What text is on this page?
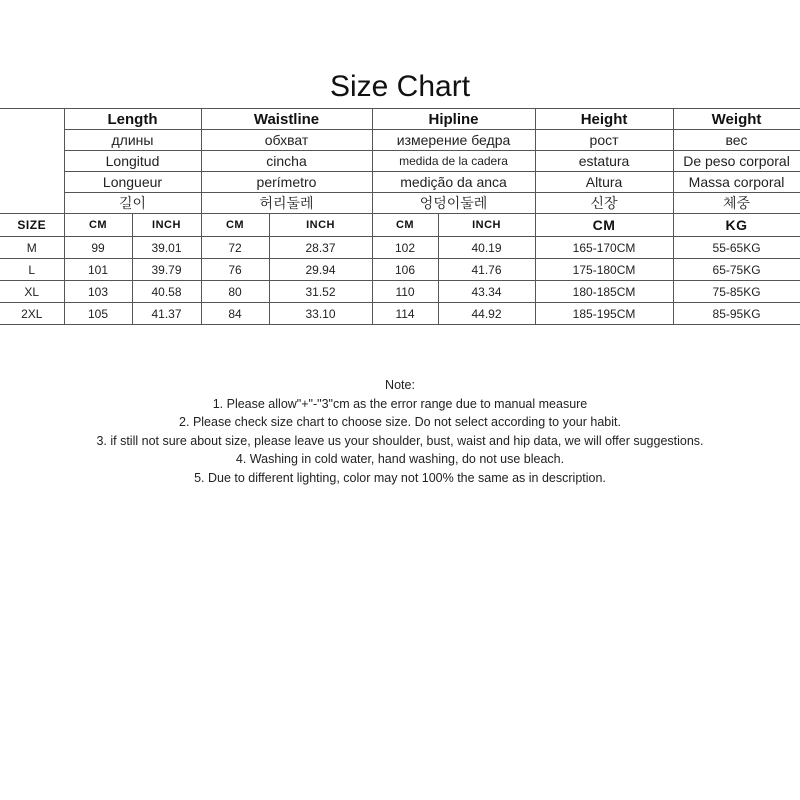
Size Chart
	Length		Waistline		Hipline		Height	Weight
	длины		обхват		измерение бедра		рост	вес
	Longitud		cincha		medida de la cadera		estatura	De peso corporal
	Longueur		perímetro		medição da anca		Altura	Massa corporal
	길이		허리둘레		엉덩이둘레		신장	체중
SIZE	CM	INCH	CM	INCH	CM	INCH	CM	KG
M	99	39.01	72	28.37	102	40.19	165-170CM	55-65KG
L	101	39.79	76	29.94	106	41.76	175-180CM	65-75KG
XL	103	40.58	80	31.52	110	43.34	180-185CM	75-85KG
2XL	105	41.37	84	33.10	114	44.92	185-195CM	85-95KG
Note:
1. Please allow"+"-"3"cm as the error range due to manual measure
2. Please check size chart to choose size. Do not select according to your habit.
3. if still not sure about size, please leave us your shoulder, bust, waist and hip data, we will offer suggestions.
4. Washing in cold water, hand washing, do not use bleach.
5. Due to different lighting, color may not 100% the same as in description.
